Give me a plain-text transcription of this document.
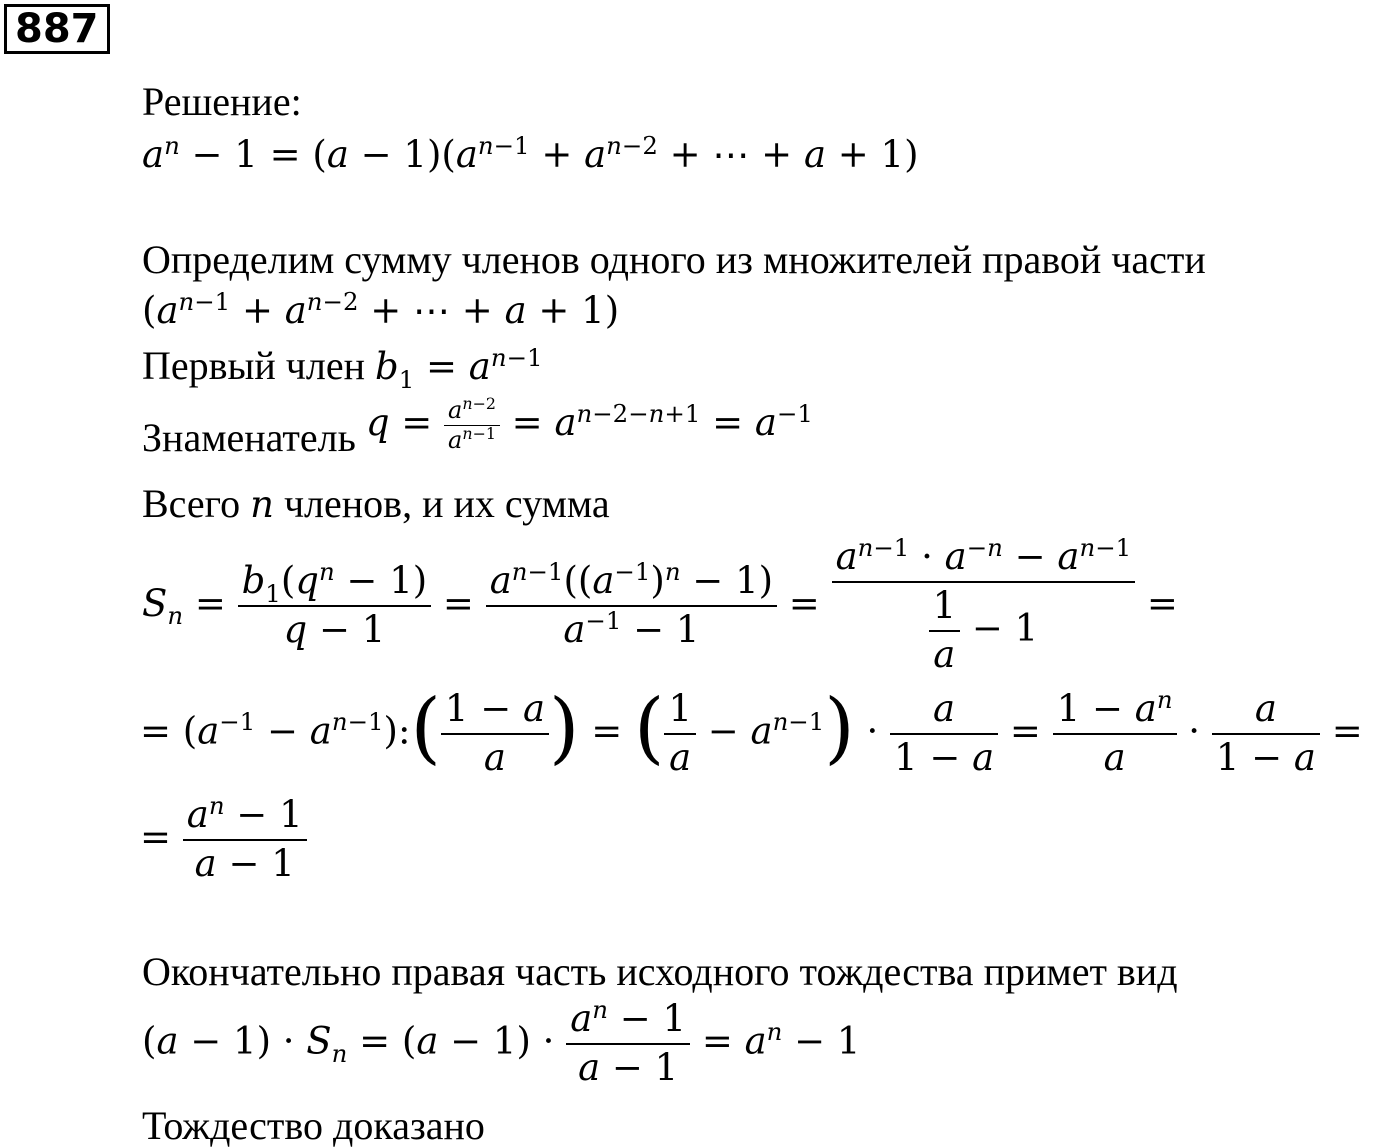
887
Решение:
$a^n - 1 = (a - 1)(a^{n-1} + a^{n-2}$ + ⋯ + a + 1)
Определим сумму членов одного из множителей правой части
($a^{n-1} + a^{n-2}$ + ⋯ + a + 1)
Первый член $b_1 = a^{n-1}$
Знаменатель $q = \frac{a^{n-2}}{a^{n-1}} = a^{n-2-n+1} = a^{-1}$
Всего n членов, и их сумма
$S_n = \frac{b_1(q^n - 1)}{q - 1} = \frac{a^{n-1}((a^{-1})^n - 1)}{a^{-1} - 1} = \frac{a^{n-1} \cdot a^{-n} - a^{n-1}}{\frac{1}{a} - 1}$ =
= ($a^{-1}$ − $a^{n-1}):( \frac{1 - a}{a}$ ) = ( $\frac{1}{a} - a^{n-1}) \cdot \frac{a}{1 - a} = \frac{1 - a^n}{a} \cdot \frac{a}{1 - a}$ =
= $\frac{a^n - 1}{a - 1}$
Окончательно правая часть исходного тождества примет вид
$(a - 1) \cdot S_n = (a - 1) \cdot \frac{a^n - 1}{a - 1} = a^n - 1$
Тождество доказано
